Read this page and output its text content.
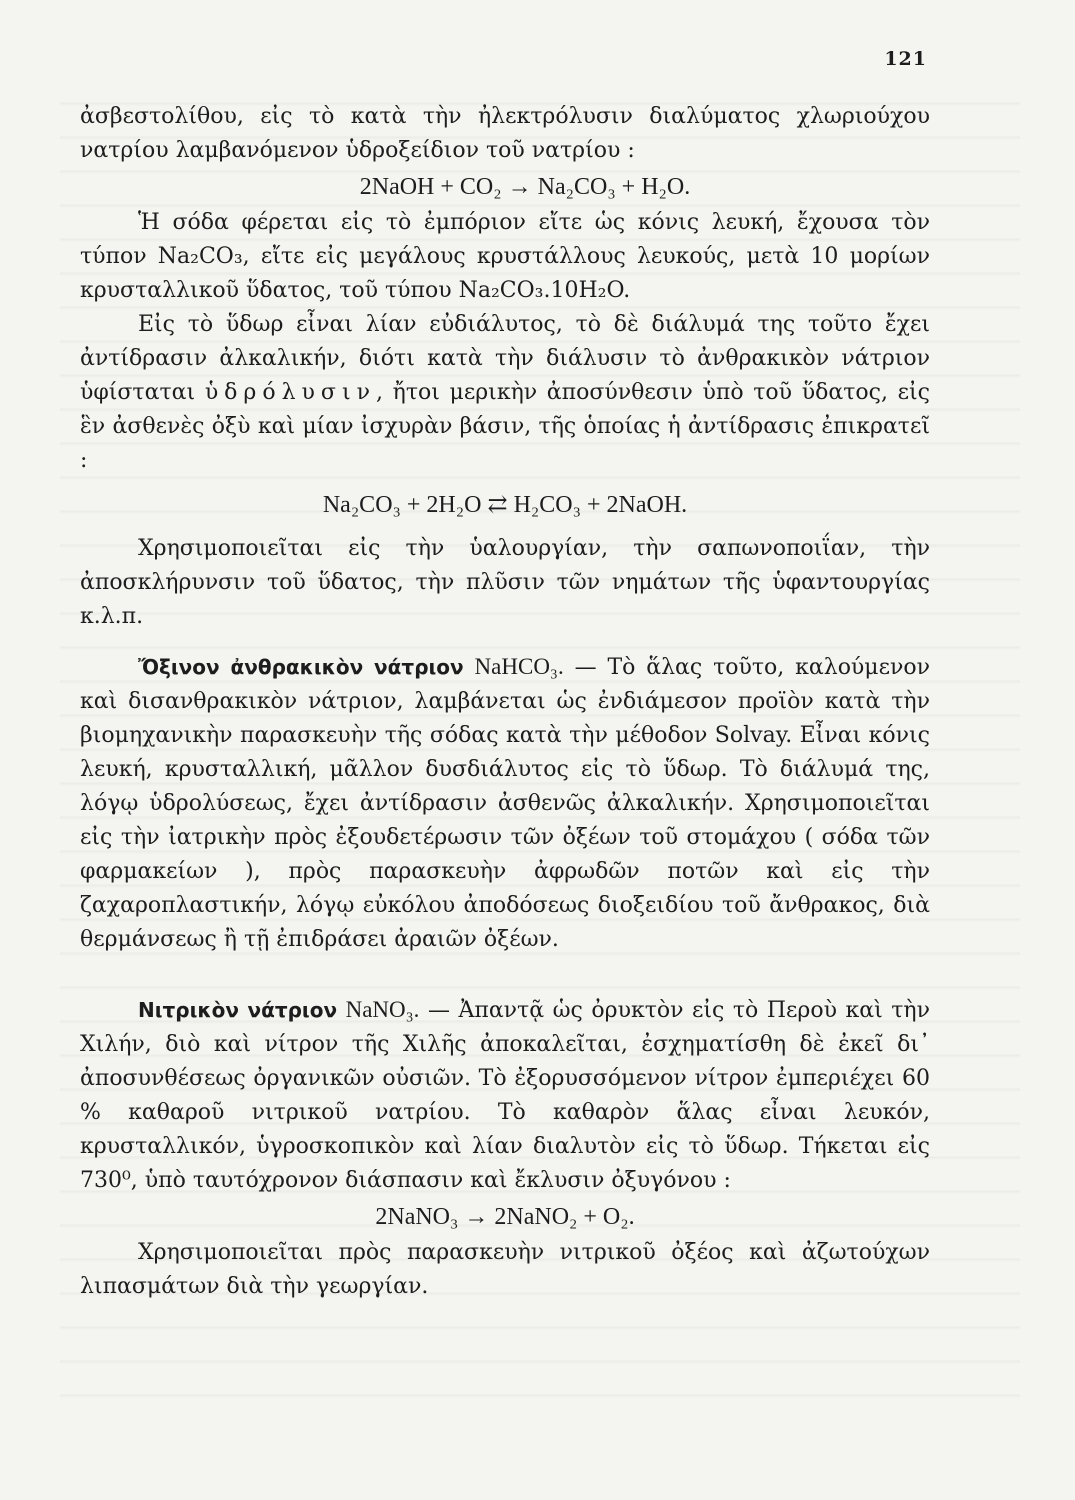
121

ἀσβεστολίθου, εἰς τὸ κατὰ τὴν ἠλεκτρόλυσιν διαλύματος χλωριούχου νατρίου λαμβανόμενον ὑδροξείδιον τοῦ νατρίου :

2NaOH + CO₂ → Na₂CO₃ + H₂O.

Ἡ σόδα φέρεται εἰς τὸ ἐμπόριον εἴτε ὡς κόνις λευκή, ἔχουσα τὸν τύπον Na₂CO₃, εἴτε εἰς μεγάλους κρυστάλλους λευκούς, μετὰ 10 μορίων κρυσταλλικοῦ ὕδατος, τοῦ τύπου Na₂CO₃.10H₂O.

Εἰς τὸ ὕδωρ εἶναι λίαν εὐδιάλυτος, τὸ δὲ διάλυμά της τοῦτο ἔχει ἀντίδρασιν ἀλκαλικήν, διότι κατὰ τὴν διάλυσιν τὸ ἀνθρακικὸν νάτριον ὑφίσταται ὑδρόλυσιν, ἤτοι μερικὴν ἀποσύνθεσιν ὑπὸ τοῦ ὕδατος, εἰς ἓν ἀσθενὲς ὀξὺ καὶ μίαν ἰσχυρὰν βάσιν, τῆς ὁποίας ἡ ἀντίδρασις ἐπικρατεῖ :

Na₂CO₃ + 2H₂O ⇄ H₂CO₃ + 2NaOH.

Χρησιμοποιεῖται εἰς τὴν ὑαλουργίαν, τὴν σαπωνοποιΐαν, τὴν ἀποσκλήρυνσιν τοῦ ὕδατος, τὴν πλῦσιν τῶν νημάτων τῆς ὑφαντουργίας κ.λ.π.

Ὄξινον ἀνθρακικὸν νάτριον NaHCO₃. — Τὸ ἅλας τοῦτο, καλούμενον καὶ δισανθρακικὸν νάτριον, λαμβάνεται ὡς ἐνδιάμεσον προϊὸν κατὰ τὴν βιομηχανικὴν παρασκευὴν τῆς σόδας κατὰ τὴν μέθοδον Solvay. Εἶναι κόνις λευκή, κρυσταλλική, μᾶλλον δυσδιάλυτος εἰς τὸ ὕδωρ. Τὸ διάλυμά της, λόγῳ ὑδρολύσεως, ἔχει ἀντίδρασιν ἀσθενῶς ἀλκαλικήν. Χρησιμοποιεῖται εἰς τὴν ἰατρικὴν πρὸς ἐξουδετέρωσιν τῶν ὀξέων τοῦ στομάχου ( σόδα τῶν φαρμακείων ), πρὸς παρασκευὴν ἀφρωδῶν ποτῶν καὶ εἰς τὴν ζαχαροπλαστικήν, λόγῳ εὐκόλου ἀποδόσεως διοξειδίου τοῦ ἄνθρακος, διὰ θερμάνσεως ἢ τῇ ἐπιδράσει ἀραιῶν ὀξέων.

Νιτρικὸν νάτριον NaNO₃. — Ἀπαντᾷ ὡς ὀρυκτὸν εἰς τὸ Περοὺ καὶ τὴν Χιλήν, διὸ καὶ νίτρον τῆς Χιλῆς ἀποκαλεῖται, ἐσχηματίσθη δὲ ἐκεῖ δι᾽ ἀποσυνθέσεως ὀργανικῶν οὐσιῶν. Τὸ ἐξορυσσόμενον νίτρον ἐμπεριέχει 60 % καθαροῦ νιτρικοῦ νατρίου. Τὸ καθαρὸν ἅλας εἶναι λευκόν, κρυσταλλικόν, ὑγροσκοπικὸν καὶ λίαν διαλυτὸν εἰς τὸ ὕδωρ. Τήκεται εἰς 730⁰, ὑπὸ ταυτόχρονον διάσπασιν καὶ ἔκλυσιν ὀξυγόνου :

2NaNO₃ → 2NaNO₂ + O₂.

Χρησιμοποιεῖται πρὸς παρασκευὴν νιτρικοῦ ὀξέος καὶ ἀζωτούχων λιπασμάτων διὰ τὴν γεωργίαν.
